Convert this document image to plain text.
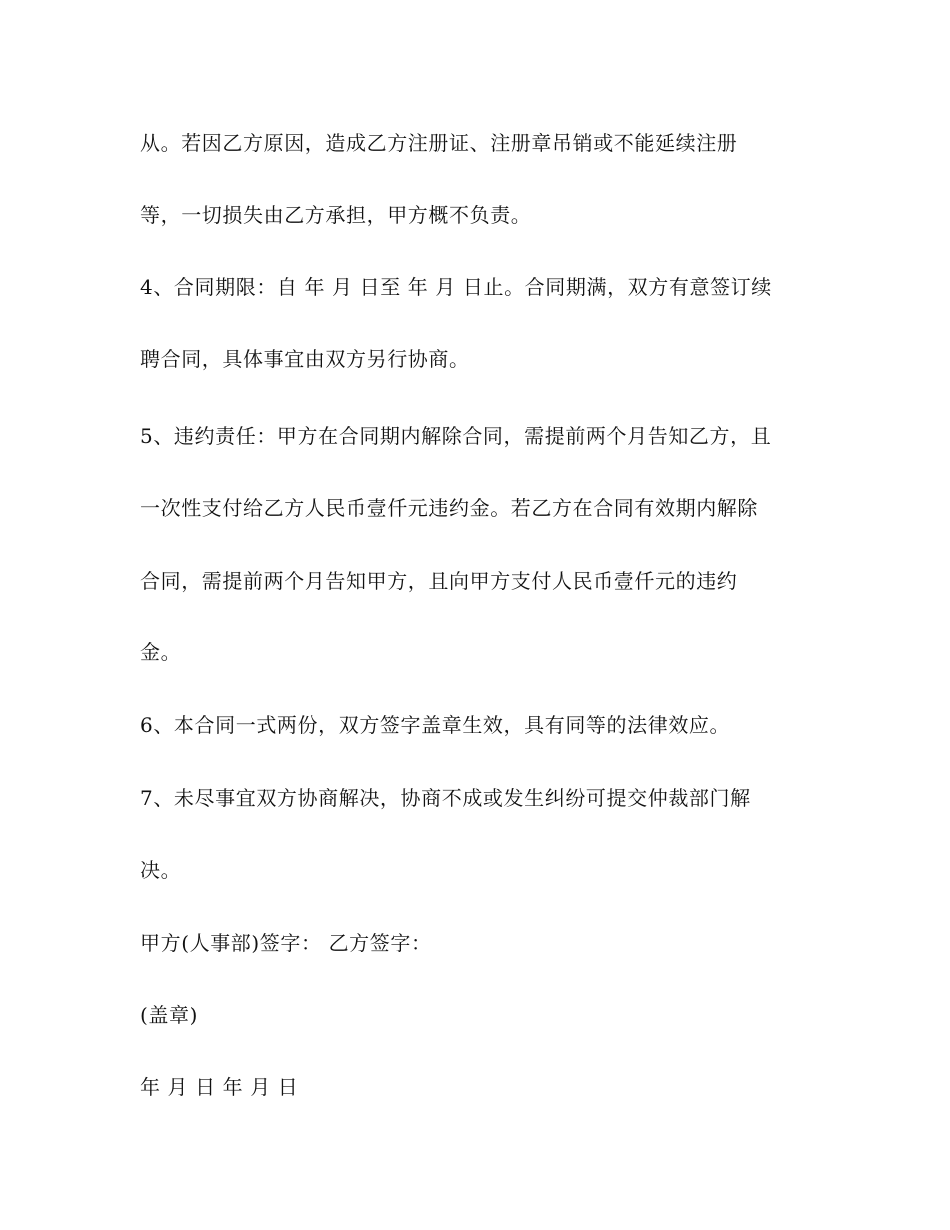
从。若因乙方原因，造成乙方注册证、注册章吊销或不能延续注册
等，一切损失由乙方承担，甲方概不负责。
4、合同期限：自 年 月 日至 年 月 日止。合同期满，双方有意签订续
聘合同，具体事宜由双方另行协商。
5、违约责任：甲方在合同期内解除合同，需提前两个月告知乙方，且
一次性支付给乙方人民币壹仟元违约金。若乙方在合同有效期内解除
合同，需提前两个月告知甲方，且向甲方支付人民币壹仟元的违约
金。
6、本合同一式两份，双方签字盖章生效，具有同等的法律效应。
7、未尽事宜双方协商解决，协商不成或发生纠纷可提交仲裁部门解
决。
甲方(人事部)签字： 乙方签字：
(盖章)
年 月 日 年 月 日
